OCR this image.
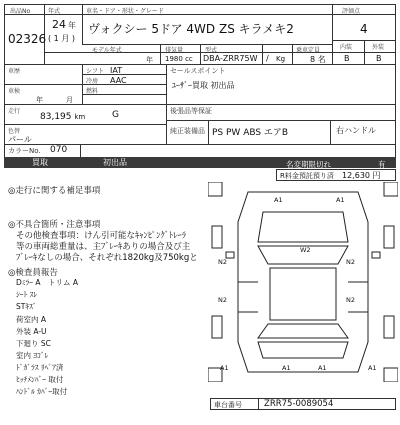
出品No	年式	車名・ドア・形状・グレード	評価点
02326
24 年
( 1 月 )
ヴォクシー 5ドア 4WD ZS キラメキ2	4
モデル年式	排気量	型式	乗車定員	内装	外装
年 1980 cc DBA-ZRR75W / Kg	8 名 B	B
車歴	シフト IAT
冷房 AAC
車検
年	月
燃料
走行
83,195 km	G
色替
パール
カラーNo. 070
セールスポイント
ﾕｰｻﾞｰ買取 初出品
後張品等保証
純正装備品 PS PW ABS エアB	右ハンドル
買取	初出品	名変期限切れ	有
R料金預託預り済 12,630 円
◎走行に関する補足事項
◎不具合箇所・注意事項
その他検査事項：けん引可能なｷｬﾝﾋﾟﾝｸﾞﾄﾚｰﾗ
等の車両総重量は、主ﾌﾞﾚｰｷありの場合及び主
ﾌﾞﾚｰｷなしの場合、それぞれ1820kg及750kgと
◎検査員報告
Dﾐﾗｰ A　トリム A
ｼｰﾄ ｽﾚ
STｷｽﾞ
荷室内 A
外装 A-U
下廻り SC
室内 ﾖｺﾞﾚ
ﾄﾞｶﾞﾗｽ ﾘﾍﾟｱ済
ﾋｯﾁﾒﾝﾊﾞｰ 取付
ﾊﾝﾄﾞﾙ ｶﾊﾞｰ取付
A1	A1
N2	N2
W2
N2	N2
A1	A1	A1	A1
車台番号	ZRR75-0089054
